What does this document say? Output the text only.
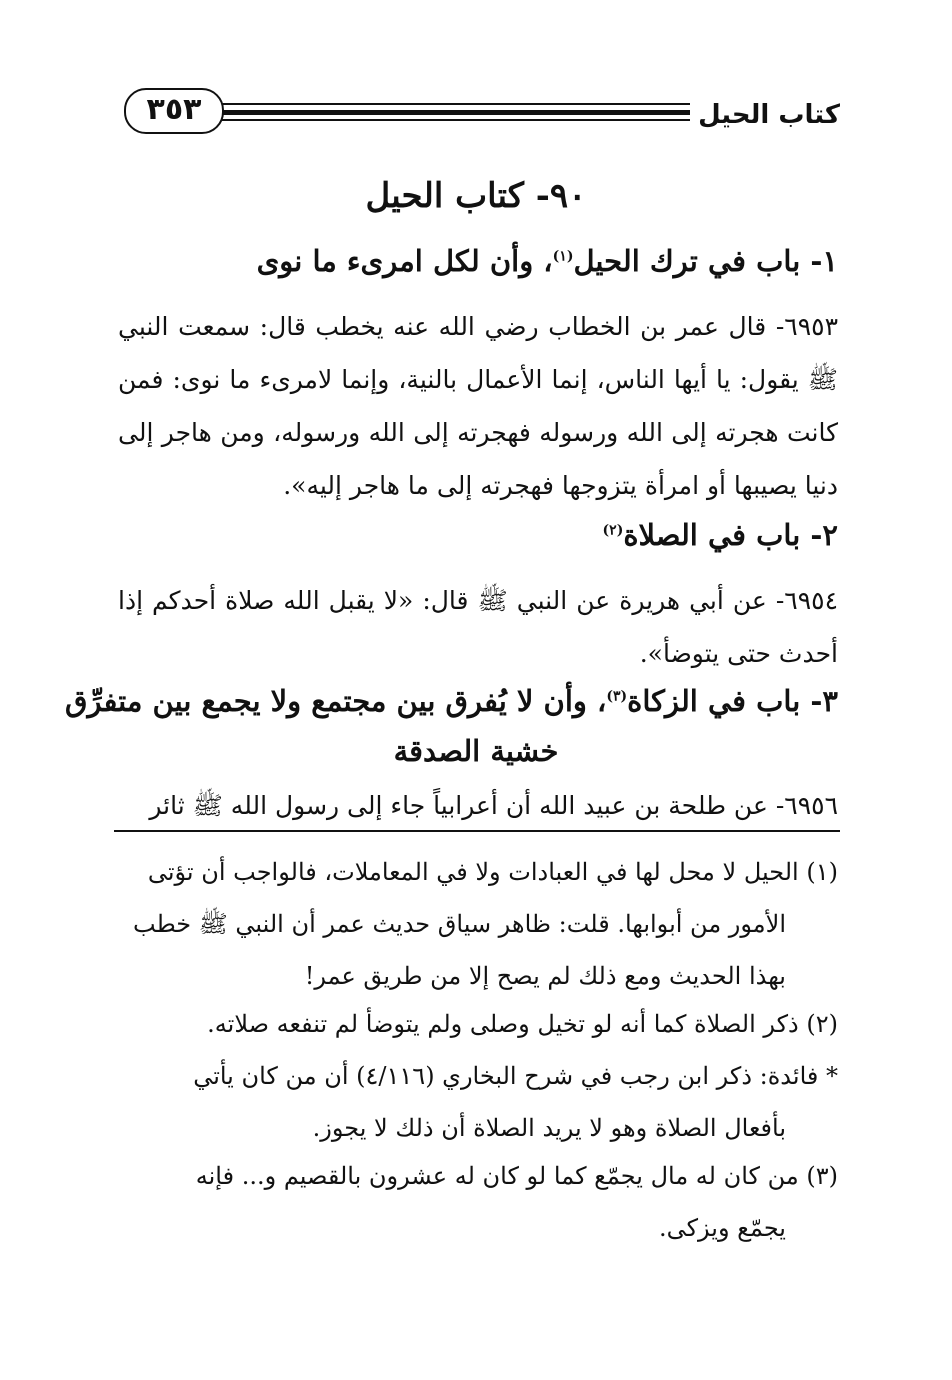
كتاب الحيل
٣٥٣
٩٠- كتاب الحيل
١- باب في ترك الحيل$^{(١)}$، وأن لكل امرىء ما نوى
٦٩٥٣- قال عمر بن الخطاب رضي الله عنه يخطب قال: سمعت النبي ﷺ يقول: يا أيها الناس، إنما الأعمال بالنية، وإنما لامرىء ما نوى: فمن كانت هجرته إلى الله ورسوله فهجرته إلى الله ورسوله، ومن هاجر إلى دنيا يصيبها أو امرأة يتزوجها فهجرته إلى ما هاجر إليه».
٢- باب في الصلاة$^{(٢)}$
٦٩٥٤- عن أبي هريرة عن النبي ﷺ قال: «لا يقبل الله صلاة أحدكم إذا أحدث حتى يتوضأ».
٣- باب في الزكاة$^{(٣)}$، وأن لا يُفرق بين مجتمع ولا يجمع بين متفرِّق
خشية الصدقة
٦٩٥٦- عن طلحة بن عبيد الله أن أعرابياً جاء إلى رسول الله ﷺ ثائر
(١) الحيل لا محل لها في العبادات ولا في المعاملات، فالواجب أن تؤتى
الأمور من أبوابها. قلت: ظاهر سياق حديث عمر أن النبي ﷺ خطب بهذا الحديث ومع ذلك لم يصح إلا من طريق عمر!
(٢) ذكر الصلاة كما أنه لو تخيل وصلى ولم يتوضأ لم تنفعه صلاته.
* فائدة: ذكر ابن رجب في شرح البخاري (٤/١١٦) أن من كان يأتي
بأفعال الصلاة وهو لا يريد الصلاة أن ذلك لا يجوز.
(٣) من كان له مال يجمّع كما لو كان له عشرون بالقصيم و... فإنه
يجمّع ويزكى.
